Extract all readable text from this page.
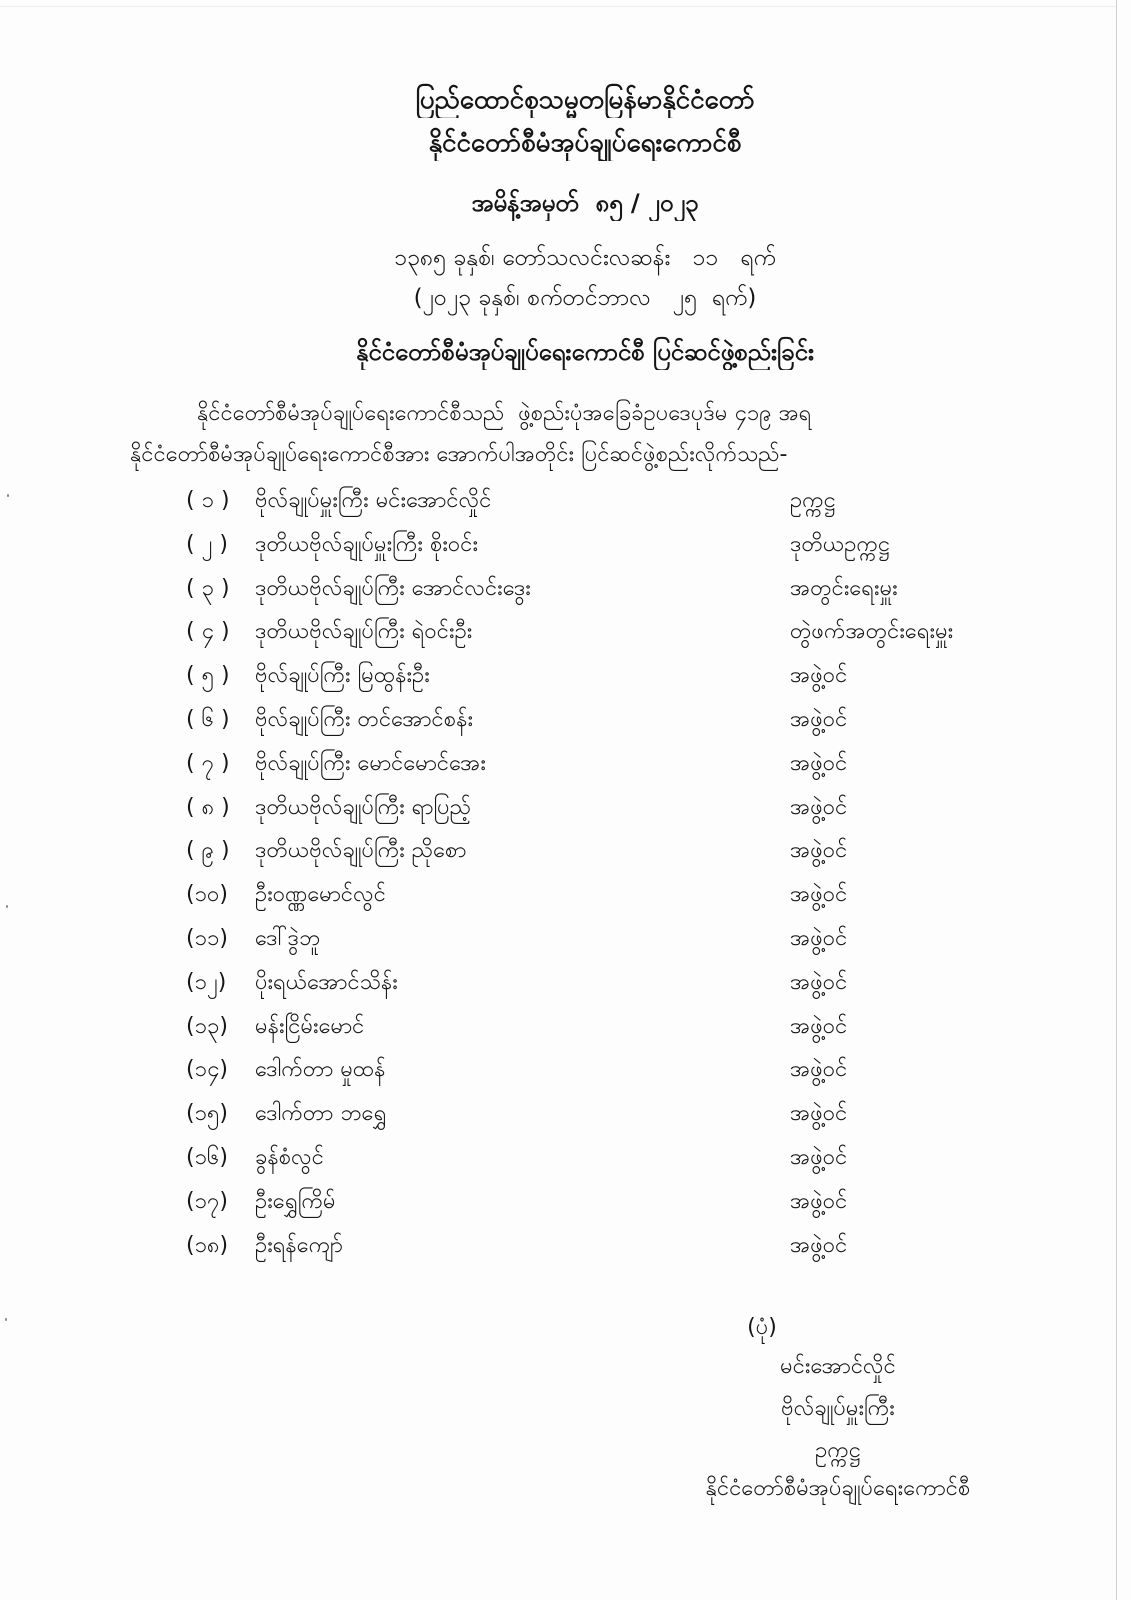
ပြည်ထောင်စုသမ္မတမြန်မာနိုင်ငံတော်
နိုင်ငံတော်စီမံအုပ်ချုပ်ရေးကောင်စီ
အမိန့်အမှတ်  ၈၅ / ၂၀၂၃
၁၃၈၅ ခုနှစ်၊ တော်သလင်းလဆန်း   ၁၁   ရက်
(၂၀၂၃ ခုနှစ်၊ စက်တင်ဘာလ   ၂၅  ရက်)
နိုင်ငံတော်စီမံအုပ်ချုပ်ရေးကောင်စီ ပြင်ဆင်ဖွဲ့စည်းခြင်း
နိုင်ငံတော်စီမံအုပ်ချုပ်ရေးကောင်စီသည်  ဖွဲ့စည်းပုံအခြေခံဥပဒေပုဒ်မ ၄၁၉ အရ
နိုင်ငံတော်စီမံအုပ်ချုပ်ရေးကောင်စီအား အောက်ပါအတိုင်း ပြင်ဆင်ဖွဲ့စည်းလိုက်သည်-
( ၁ )	ဗိုလ်ချုပ်မှူးကြီး မင်းအောင်လှိုင်	ဥက္ကဋ္ဌ
( ၂ )	ဒုတိယဗိုလ်ချုပ်မှူးကြီး စိုးဝင်း	ဒုတိယဥက္ကဋ္ဌ
( ၃ )	ဒုတိယဗိုလ်ချုပ်ကြီး အောင်လင်းဒွေး	အတွင်းရေးမှူး
( ၄ )	ဒုတိယဗိုလ်ချုပ်ကြီး ရဲဝင်းဦး	တွဲဖက်အတွင်းရေးမှူး
( ၅ )	ဗိုလ်ချုပ်ကြီး မြထွန်းဦး	အဖွဲ့ဝင်
( ၆ )	ဗိုလ်ချုပ်ကြီး တင်အောင်စန်း	အဖွဲ့ဝင်
( ၇ )	ဗိုလ်ချုပ်ကြီး မောင်မောင်အေး	အဖွဲ့ဝင်
( ၈ )	ဒုတိယဗိုလ်ချုပ်ကြီး ရာပြည့်	အဖွဲ့ဝင်
( ၉ )	ဒုတိယဗိုလ်ချုပ်ကြီး ညိုစော	အဖွဲ့ဝင်
(၁၀)	ဦးဝဏ္ဏမောင်လွင်	အဖွဲ့ဝင်
(၁၁)	ဒေါ်ဒွဲဘူ	အဖွဲ့ဝင်
(၁၂)	ပိုးရယ်အောင်သိန်း	အဖွဲ့ဝင်
(၁၃)	မန်းငြိမ်းမောင်	အဖွဲ့ဝင်
(၁၄)	ဒေါက်တာ မှုထန်	အဖွဲ့ဝင်
(၁၅)	ဒေါက်တာ ဘရွှေ	အဖွဲ့ဝင်
(၁၆)	ခွန်စံလွင်	အဖွဲ့ဝင်
(၁၇)	ဦးရွှေကြိမ်	အဖွဲ့ဝင်
(၁၈)	ဦးရန်ကျော်	အဖွဲ့ဝင်
(ပုံ)
မင်းအောင်လှိုင်
ဗိုလ်ချုပ်မှူးကြီး
ဥက္ကဋ္ဌ
နိုင်ငံတော်စီမံအုပ်ချုပ်ရေးကောင်စီ
